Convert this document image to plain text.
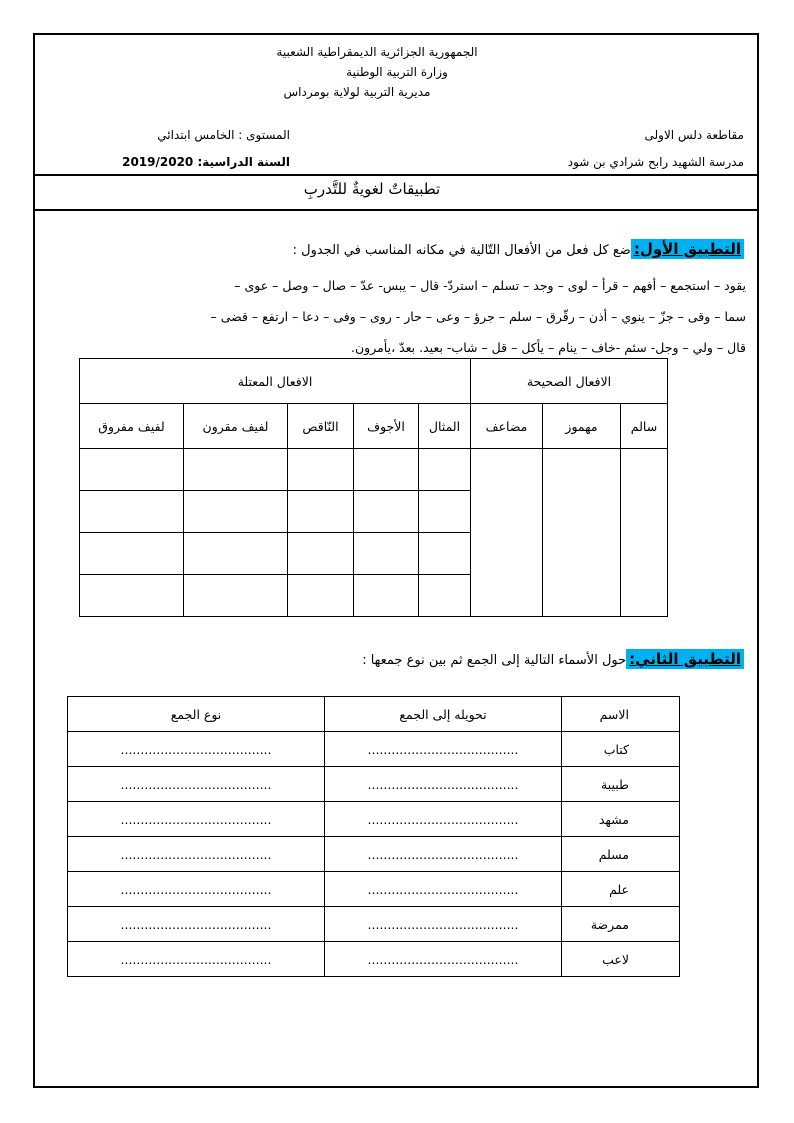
الجمهورية الجزائرية الديمقراطية الشعبية
وزارة التربية الوطنية
مديرية التربية لولاية بومرداس
مقاطعة دلس الاولى
مدرسة الشهيد رابح شرادي بن شود
المستوى : الخامس ابتدائي
السنة الدراسية: 2019/2020
تطبيقاتٌ لغويةٌ للتَّدربِ
التطبيق الأول:ضع كل فعل من الأفعال التّالية في مكانه المناسب في الجدول :
يقود – استجمع – أفهم – قرأ – لوى – وجد – تسلم – استردّ- قال – يبس- عدّ – صال – وصل – عوى –
سما – وقى – جزّ – ينوي – أذن – رقّرق – سلم – جرؤ – وعى – حار - روى – وفى – دعا – ارتفع – قضى –
قال – ولي – وجل- سئم -خاف – ينام – يأكل – قل – شاب- بعيد. بعدّ ،يأمرون.
الافعال الصحيحة			الافعال المعتلة				
سالم	مهموز	مضاعف	المثال	الأجوف	النّاقص	لفيف مقرون	لفيف مفروق

التطبيق الثاني:حول الأسماء التالية إلى الجمع ثم بين نوع جمعها :
الاسم	تحويله إلى الجمع	نوع الجمع
كتاب	......................................	......................................
طبيبة	......................................	......................................
مشهد	......................................	......................................
مسلم	......................................	......................................
علم	......................................	......................................
ممرضة	......................................	......................................
لاعب	......................................	......................................
